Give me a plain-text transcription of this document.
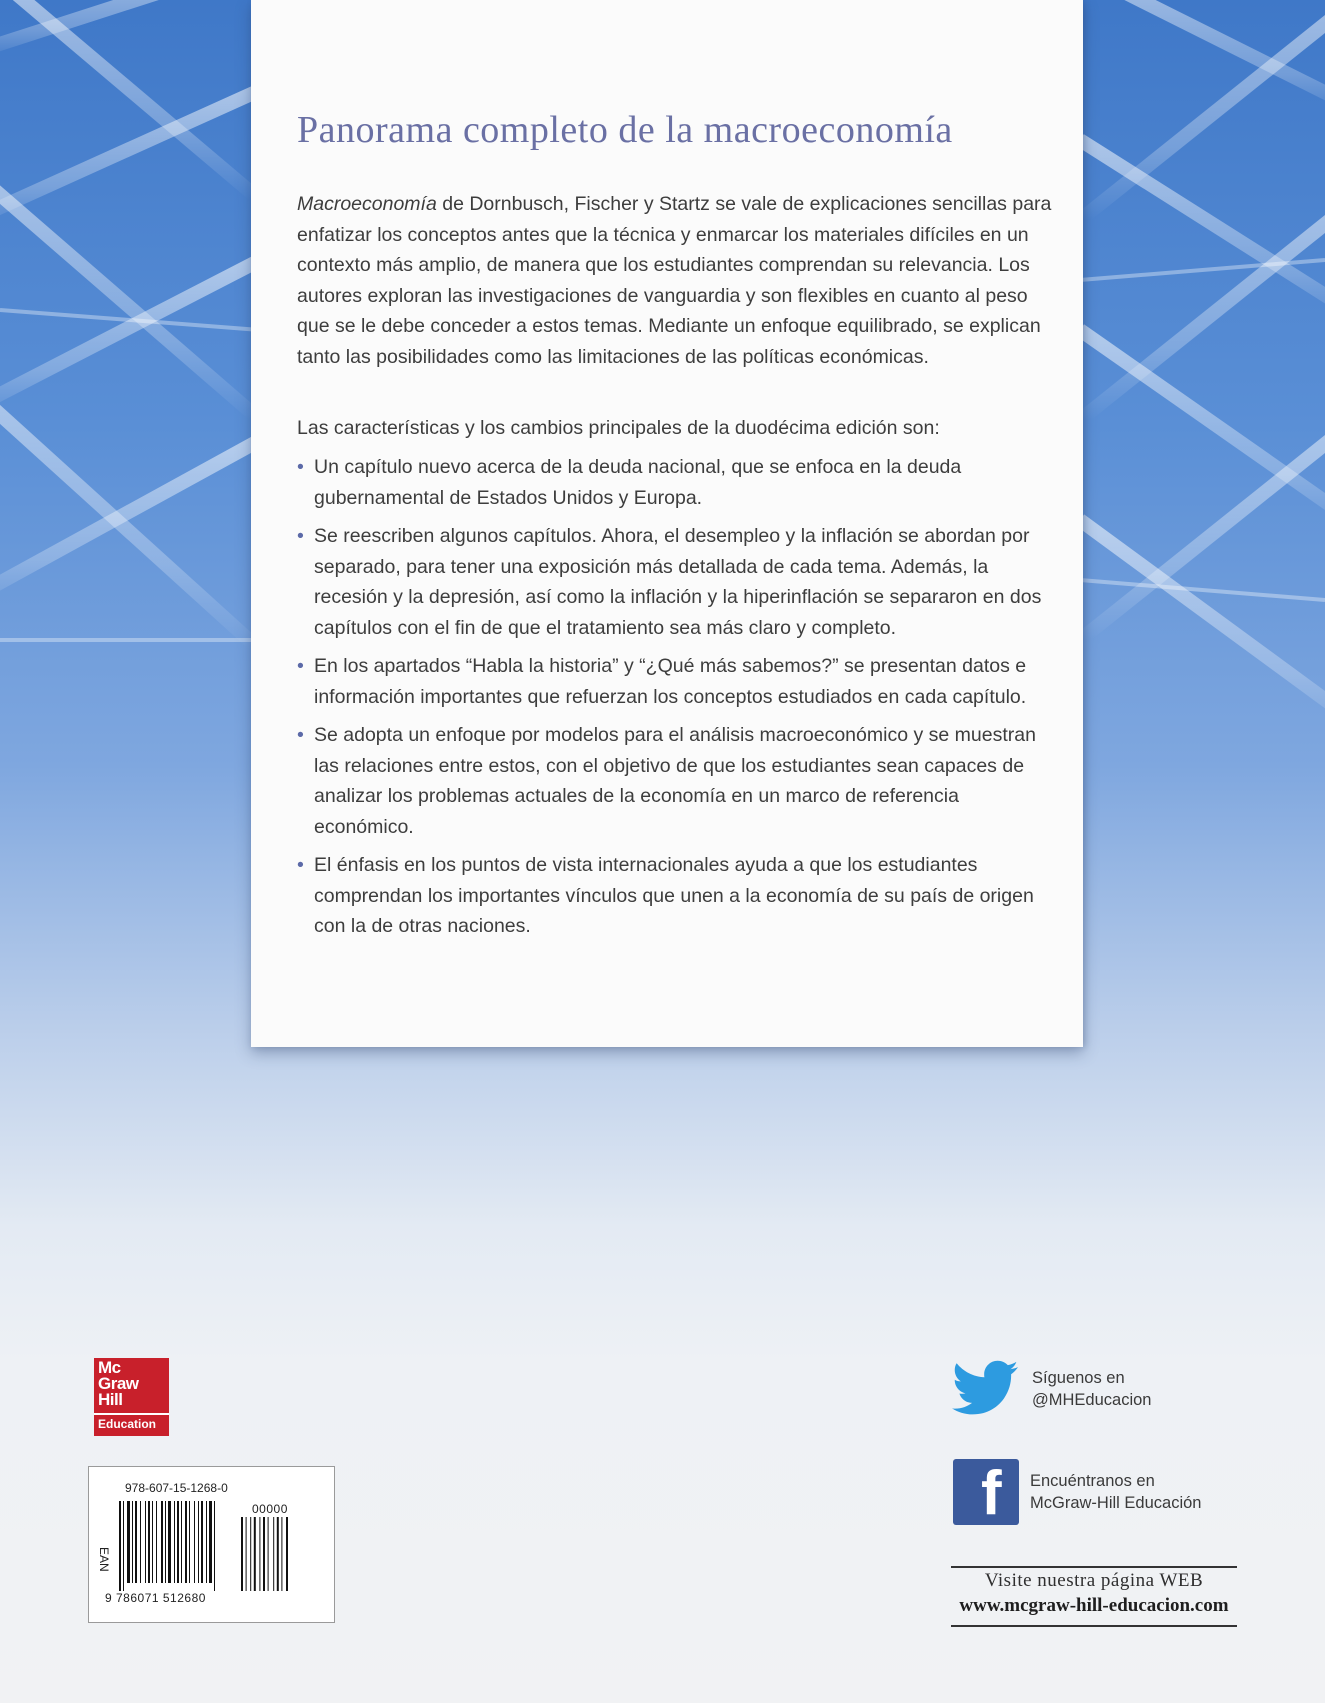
Panorama completo de la macroeconomía

Macroeconomía de Dornbusch, Fischer y Startz se vale de explicaciones sencillas para enfatizar los conceptos antes que la técnica y enmarcar los materiales difíciles en un contexto más amplio, de manera que los estudiantes comprendan su relevancia. Los autores exploran las investigaciones de vanguardia y son flexibles en cuanto al peso que se le debe conceder a estos temas. Mediante un enfoque equilibrado, se explican tanto las posibilidades como las limitaciones de las políticas económicas.

Las características y los cambios principales de la duodécima edición son:

• Un capítulo nuevo acerca de la deuda nacional, que se enfoca en la deuda gubernamental de Estados Unidos y Europa.
• Se reescriben algunos capítulos. Ahora, el desempleo y la inflación se abordan por separado, para tener una exposición más detallada de cada tema. Además, la recesión y la depresión, así como la inflación y la hiperinflación se separaron en dos capítulos con el fin de que el tratamiento sea más claro y completo.
• En los apartados “Habla la historia” y “¿Qué más sabemos?” se presentan datos e información importantes que refuerzan los conceptos estudiados en cada capítulo.
• Se adopta un enfoque por modelos para el análisis macroeconómico y se muestran las relaciones entre estos, con el objetivo de que los estudiantes sean capaces de analizar los problemas actuales de la economía en un marco de referencia económico.
• El énfasis en los puntos de vista internacionales ayuda a que los estudiantes comprendan los importantes vínculos que unen a la economía de su país de origen con la de otras naciones.
Mc
Graw
Hill
Education
978-607-15-1268-0
EAN
00000
9 786071 512680
Síguenos en
@MHEducacion
f Encuéntranos en
McGraw-Hill Educación
Visite nuestra página WEB
www.mcgraw-hill-educacion.com
